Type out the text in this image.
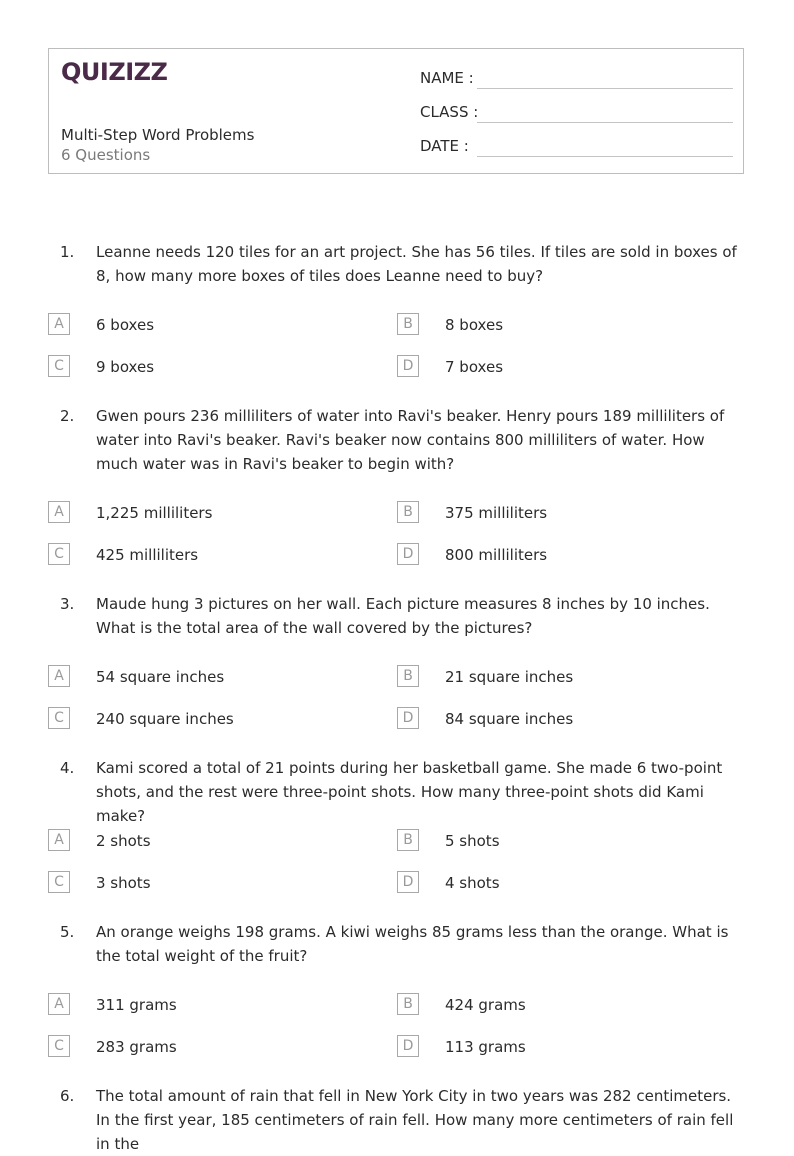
QUIZIZZ
Multi-Step Word Problems
6 Questions
NAME :
CLASS :
DATE :
1. Leanne needs 120 tiles for an art project. She has 56 tiles. If tiles are sold in boxes of 8, how many more boxes of tiles does Leanne need to buy?
A	6 boxes	B	8 boxes
C	9 boxes	D	7 boxes
2. Gwen pours 236 milliliters of water into Ravi's beaker. Henry pours 189 milliliters of water into Ravi's beaker. Ravi's beaker now contains 800 milliliters of water. How much water was in Ravi's beaker to begin with?
A	1,225 milliliters	B	375 milliliters
C	425 milliliters	D	800 milliliters
3. Maude hung 3 pictures on her wall. Each picture measures 8 inches by 10 inches. What is the total area of the wall covered by the pictures?
A	54 square inches	B	21 square inches
C	240 square inches	D	84 square inches
4. Kami scored a total of 21 points during her basketball game. She made 6 two-point shots, and the rest were three-point shots. How many three-point shots did Kami make?
A	2 shots	B	5 shots
C	3 shots	D	4 shots
5. An orange weighs 198 grams. A kiwi weighs 85 grams less than the orange. What is the total weight of the fruit?
A	311 grams	B	424 grams
C	283 grams	D	113 grams
6. The total amount of rain that fell in New York City in two years was 282 centimeters. In the first year, 185 centimeters of rain fell. How many more centimeters of rain fell in the
